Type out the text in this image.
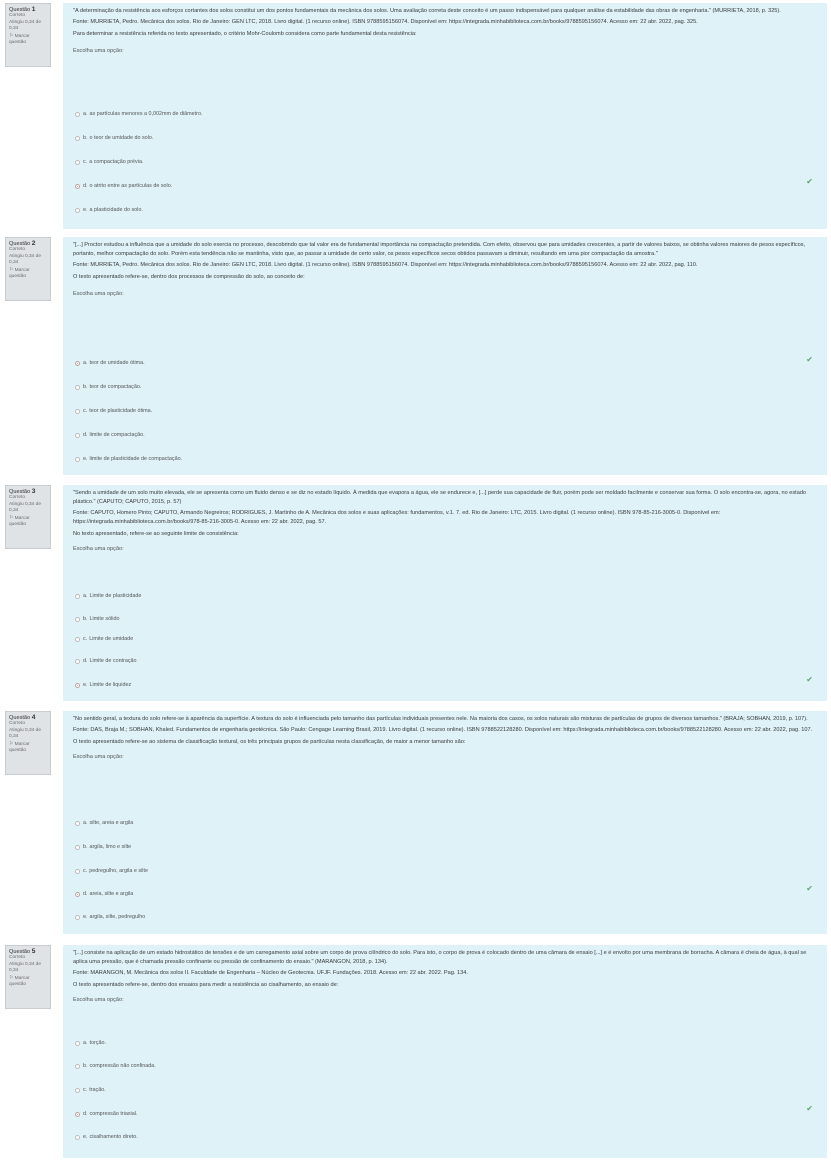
Questão 1
Correto
Atingiu 0,34 de 0,34
⚐ Marcar questão

"A determinação da resistência aos esforços cortantes dos solos constitui um dos pontos fundamentais da mecânica dos solos. Uma avaliação correta deste conceito é um passo indispensável para qualquer análise da estabilidade das obras de engenharia." (MURRIETA, 2018, p. 325).

Fonte: MURRIETA, Pedro. Mecânica dos solos. Rio de Janeiro: GEN LTC, 2018. Livro digital. (1 recurso online). ISBN 9788595156074. Disponível em: https://integrada.minhabiblioteca.com.br/books/9788595156074. Acesso em: 22 abr. 2022, pag. 325.

Para determinar a resistência referida no texto apresentado, o critério Mohr-Coulomb considera como parte fundamental desta resistência:

Escolha uma opção:

a. as partículas menores a 0,002mm de diâmetro.
b. o teor de umidade do solo.
c. a compactação prévia.
d. o atrito entre as partículas de solo.	✔
e. a plasticidade do solo.
Questão 2
Correto
Atingiu 0,34 de 0,34
⚐ Marcar questão

"[...] Proctor estudou a influência que a umidade do solo exercia no processo, descobrindo que tal valor era de fundamental importância na compactação pretendida. Com efeito, observou que para umidades crescentes, a partir de valores baixos, se obtinha valores maiores de pesos específicos, portanto, melhor compactação do solo. Porém esta tendência não se mantinha, visto que, ao passar a umidade de certo valor, os pesos específicos secos obtidos passavam a diminuir, resultando em uma pior compactação da amostra."

Fonte: MURRIETA, Pedro. Mecânica dos solos. Rio de Janeiro: GEN LTC, 2018. Livro digital. (1 recurso online). ISBN 9788595156074. Disponível em: https://integrada.minhabiblioteca.com.br/books/9788595156074. Acesso em: 22 abr. 2022, pag. 110.

O texto apresentado refere-se, dentro dos processos de compressão do solo, ao conceito de:

Escolha uma opção:

a. teor de umidade ótima.	✔
b. teor de compactação.
c. teor de plasticidade ótima.
d. limite de compactação.
e. limite de plasticidade de compactação.
Questão 3
Correto
Atingiu 0,34 de 0,34
⚐ Marcar questão

"Sendo a umidade de um solo muito elevada, ele se apresenta como um fluido denso e se diz no estado líquido. À medida que evapora a água, ele se endurece e, [...] perde sua capacidade de fluir, porém pode ser moldado facilmente e conservar sua forma. O solo encontra-se, agora, no estado plástico." (CAPUTO; CAPUTO, 2015, p. 57)

Fonte: CAPUTO, Homero Pinto; CAPUTO, Armando Negreiros; RODRIGUES, J. Martinho de A. Mecânica dos solos e suas aplicações: fundamentos, v.1. 7. ed. Rio de Janeiro: LTC, 2015. Livro digital. (1 recurso online). ISBN 978-85-216-3005-0. Disponível em: https://integrada.minhabiblioteca.com.br/books/978-85-216-3005-0. Acesso em: 22 abr. 2022, pag. 57.

No texto apresentado, refere-se ao seguinte limite de consistência:

Escolha uma opção:

a. Limite de plasticidade
b. Limite sólido
c. Limite de umidade
d. Limite de contração
e. Limite de liquidez
✔
Questão 4
Correto
Atingiu 0,34 de 0,34
⚐ Marcar questão

"No sentido geral, a textura do solo refere-se à aparência da superfície. A textura do solo é influenciada pelo tamanho das partículas individuais presentes nele. Na maioria dos casos, os solos naturais são misturas de partículas de grupos de diversos tamanhos." (BRAJA; SOBHAN, 2019, p. 107).

Fonte: DAS, Braja M.; SOBHAN, Khaled. Fundamentos de engenharia geotécnica. São Paulo: Cengage Learning Brasil, 2019. Livro digital. (1 recurso online). ISBN 9788522128280. Disponível em: https://integrada.minhabiblioteca.com.br/books/9788522128280. Acesso em: 22 abr. 2022, pag. 107.

O texto apresentado refere-se ao sistema de classificação textural, os três principais grupos de partículas nesta classificação, de maior a menor tamanho são:

Escolha uma opção:

a. silte, areia e argila
b. argila, limo e silte
c. pedregulho, argila e silte
d. areia, silte e argila
✔
e. argila, silte, pedregulho
Questão 5
Correto
Atingiu 0,34 de 0,34
⚐ Marcar questão

"[...] consiste na aplicação de um estado hidrostático de tensões e de um carregamento axial sobre um corpo de prova cilíndrico do solo. Para isto, o corpo de prova é colocado dentro de uma câmara de ensaio [...] e é envolto por uma membrana de borracha. A câmara é cheia de água, à qual se aplica uma pressão, que é chamada pressão confinante ou pressão de confinamento do ensaio." (MARANGON, 2018, p. 134).

Fonte: MARANGON, M. Mecânica dos solos II. Faculdade de Engenharia – Núcleo de Geotecnia. UFJF. Fundações. 2018. Acesso em: 22 abr. 2022. Pag. 134.

O texto apresentado refere-se, dentro dos ensaios para medir a resistência ao cisalhamento, ao ensaio de:

Escolha uma opção:

a. torção.
b. compressão não confinada.
c. tração.
d. compressão triaxial.
✔
e. cisalhamento direto.
